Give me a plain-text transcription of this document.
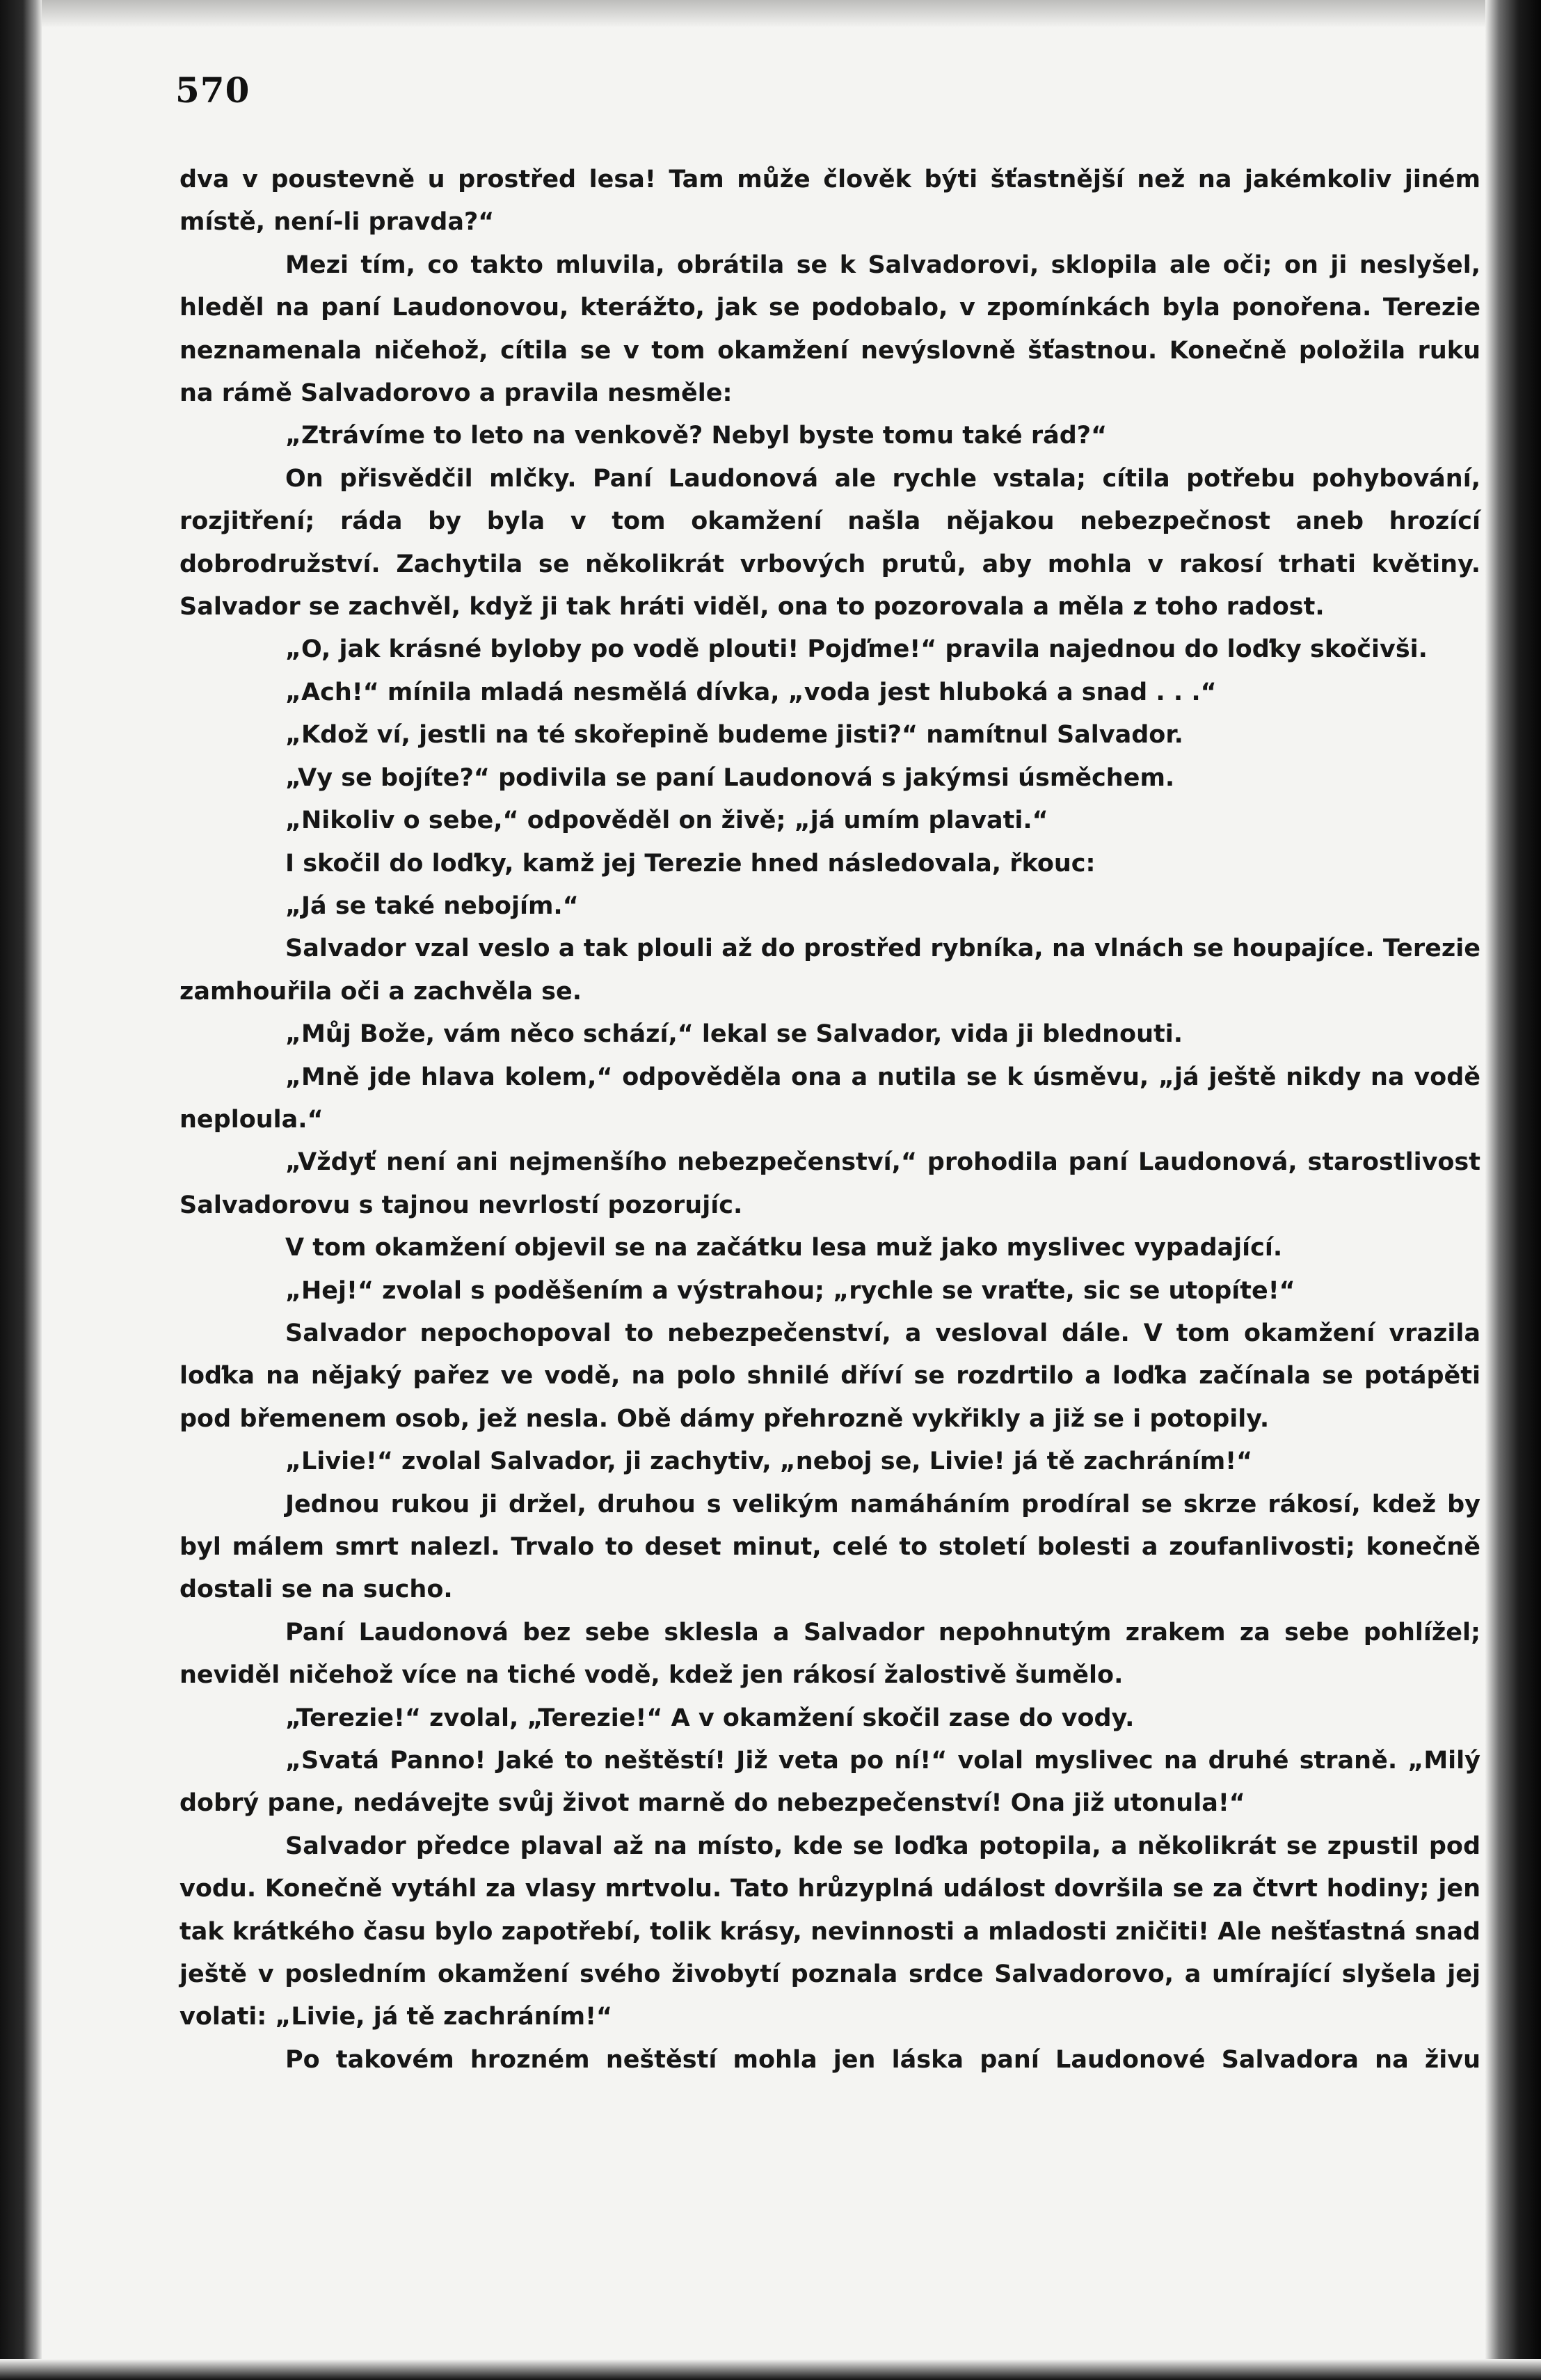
570

dva v poustevně u prostřed lesa! Tam může člověk býti šťastnější než na jakémkoliv jiném místě, není-li pravda?“

Mezi tím, co takto mluvila, obrátila se k Salvadorovi, sklopila ale oči; on ji neslyšel, hleděl na paní Laudonovou, kterážto, jak se podobalo, v zpomínkách byla ponořena. Terezie neznamenala ničehož, cítila se v tom okamžení nevýslovně šťastnou. Konečně položila ruku na rámě Salvadorovo a pravila nesměle:

„Ztrávíme to leto na venkově? Nebyl byste tomu také rád?“

On přisvědčil mlčky. Paní Laudonová ale rychle vstala; cítila potřebu pohybování, rozjitření; ráda by byla v tom okamžení našla nějakou nebezpečnost aneb hrozící dobrodružství. Zachytila se několikrát vrbových prutů, aby mohla v rakosí trhati květiny. Salvador se zachvěl, když ji tak hráti viděl, ona to pozorovala a měla z toho radost.

„O, jak krásné byloby po vodě plouti! Pojďme!“ pravila najednou do loďky skočivši.

„Ach!“ mínila mladá nesmělá dívka, „voda jest hluboká a snad . . .“

„Kdož ví, jestli na té skořepině budeme jisti?“ namítnul Salvador.

„Vy se bojíte?“ podivila se paní Laudonová s jakýmsi úsměchem.

„Nikoliv o sebe,“ odpověděl on živě; „já umím plavati.“

I skočil do loďky, kamž jej Terezie hned následovala, řkouc:

„Já se také nebojím.“

Salvador vzal veslo a tak plouli až do prostřed rybníka, na vlnách se houpajíce. Terezie zamhouřila oči a zachvěla se.

„Můj Bože, vám něco schází,“ lekal se Salvador, vida ji blednouti.

„Mně jde hlava kolem,“ odpověděla ona a nutila se k úsměvu, „já ještě nikdy na vodě neploula.“

„Vždyť není ani nejmenšího nebezpečenství,“ prohodila paní Laudonová, starostlivost Salvadorovu s tajnou nevrlostí pozorujíc.

V tom okamžení objevil se na začátku lesa muž jako myslivec vypadající.

„Hej!“ zvolal s poděšením a výstrahou; „rychle se vraťte, sic se utopíte!“

Salvador nepochopoval to nebezpečenství, a vesloval dále. V tom okamžení vrazila loďka na nějaký pařez ve vodě, na polo shnilé dříví se rozdrtilo a loďka začínala se potápěti pod břemenem osob, jež nesla. Obě dámy přehrozně vykřikly a již se i potopily.

„Livie!“ zvolal Salvador, ji zachytiv, „neboj se, Livie! já tě zachráním!“

Jednou rukou ji držel, druhou s velikým namáháním prodíral se skrze rákosí, kdež by byl málem smrt nalezl. Trvalo to deset minut, celé to století bolesti a zoufanlivosti; konečně dostali se na sucho.

Paní Laudonová bez sebe sklesla a Salvador nepohnutým zrakem za sebe pohlížel; neviděl ničehož více na tiché vodě, kdež jen rákosí žalostivě šumělo.

„Terezie!“ zvolal, „Terezie!“ A v okamžení skočil zase do vody.

„Svatá Panno! Jaké to neštěstí! Již veta po ní!“ volal myslivec na druhé straně. „Milý dobrý pane, nedávejte svůj život marně do nebezpečenství! Ona již utonula!“

Salvador předce plaval až na místo, kde se loďka potopila, a několikrát se zpustil pod vodu. Konečně vytáhl za vlasy mrtvolu. Tato hrůzyplná událost dovršila se za čtvrt hodiny; jen tak krátkého času bylo zapotřebí, tolik krásy, nevinnosti a mladosti zničiti! Ale nešťastná snad ještě v posledním okamžení svého živobytí poznala srdce Salvadorovo, a umírající slyšela jej volati: „Livie, já tě zachráním!“

Po takovém hrozném neštěstí mohla jen láska paní Laudonové Salvadora na živu
